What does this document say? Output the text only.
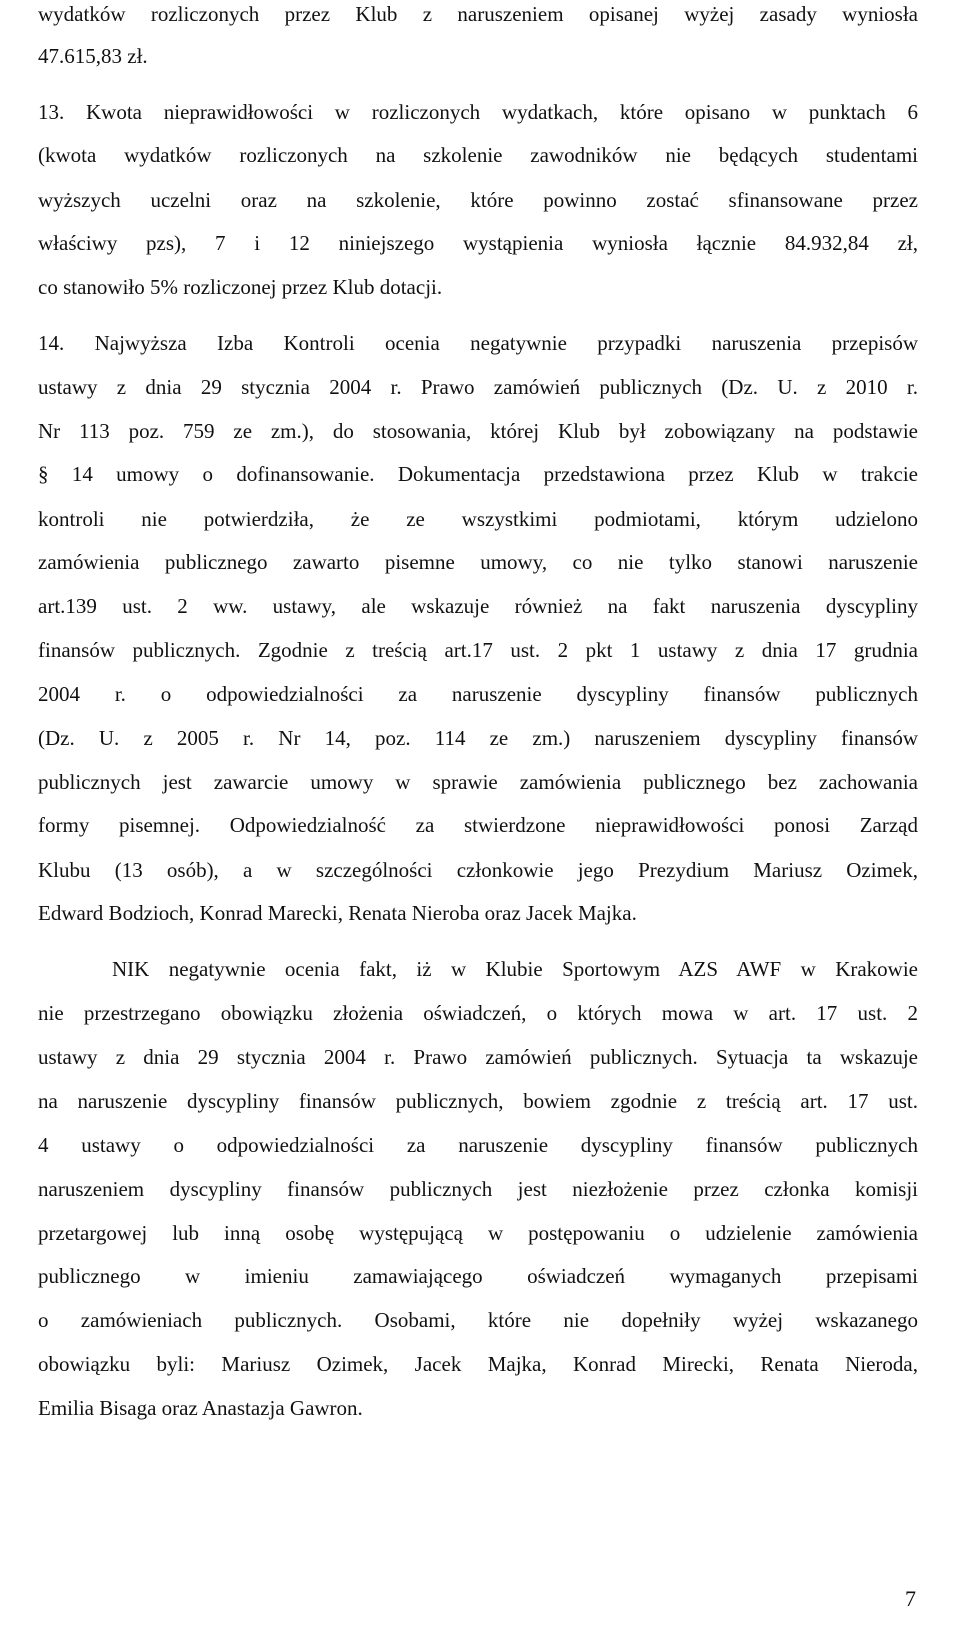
wydatków rozliczonych przez Klub z naruszeniem opisanej wyżej zasady wyniosła
47.615,83 zł.
13. Kwota nieprawidłowości w rozliczonych wydatkach, które opisano w punktach 6
(kwota wydatków rozliczonych na szkolenie zawodników nie będących studentami
wyższych uczelni oraz na szkolenie, które powinno zostać sfinansowane przez
właściwy pzs), 7 i 12 niniejszego wystąpienia wyniosła łącznie 84.932,84 zł,
co stanowiło 5% rozliczonej przez Klub dotacji.
14. Najwyższa Izba Kontroli ocenia negatywnie przypadki naruszenia przepisów
ustawy z dnia 29 stycznia 2004 r. Prawo zamówień publicznych (Dz. U. z 2010 r.
Nr 113 poz. 759 ze zm.), do stosowania, której Klub był zobowiązany na podstawie
§ 14 umowy o dofinansowanie. Dokumentacja przedstawiona przez Klub w trakcie
kontroli nie potwierdziła, że ze wszystkimi podmiotami, którym udzielono
zamówienia publicznego zawarto pisemne umowy, co nie tylko stanowi naruszenie
art.139 ust. 2 ww. ustawy, ale wskazuje również na fakt naruszenia dyscypliny
finansów publicznych. Zgodnie z treścią art.17 ust. 2 pkt 1 ustawy z dnia 17 grudnia
2004 r. o odpowiedzialności za naruszenie dyscypliny finansów publicznych
(Dz. U. z 2005 r. Nr 14, poz. 114 ze zm.) naruszeniem dyscypliny finansów
publicznych jest zawarcie umowy w sprawie zamówienia publicznego bez zachowania
formy pisemnej. Odpowiedzialność za stwierdzone nieprawidłowości ponosi Zarząd
Klubu (13 osób), a w szczególności członkowie jego Prezydium Mariusz Ozimek,
Edward Bodzioch, Konrad Marecki, Renata Nieroba oraz Jacek Majka.
NIK negatywnie ocenia fakt, iż w Klubie Sportowym AZS AWF w Krakowie
nie przestrzegano obowiązku złożenia oświadczeń, o których mowa w art. 17 ust. 2
ustawy z dnia 29 stycznia 2004 r. Prawo zamówień publicznych. Sytuacja ta wskazuje
na naruszenie dyscypliny finansów publicznych, bowiem zgodnie z treścią art. 17 ust.
4 ustawy o odpowiedzialności za naruszenie dyscypliny finansów publicznych
naruszeniem dyscypliny finansów publicznych jest niezłożenie przez członka komisji
przetargowej lub inną osobę występującą w postępowaniu o udzielenie zamówienia
publicznego w imieniu zamawiającego oświadczeń wymaganych przepisami
o zamówieniach publicznych. Osobami, które nie dopełniły wyżej wskazanego
obowiązku byli: Mariusz Ozimek, Jacek Majka, Konrad Mirecki, Renata Nieroda,
Emilia Bisaga oraz Anastazja Gawron.
7
